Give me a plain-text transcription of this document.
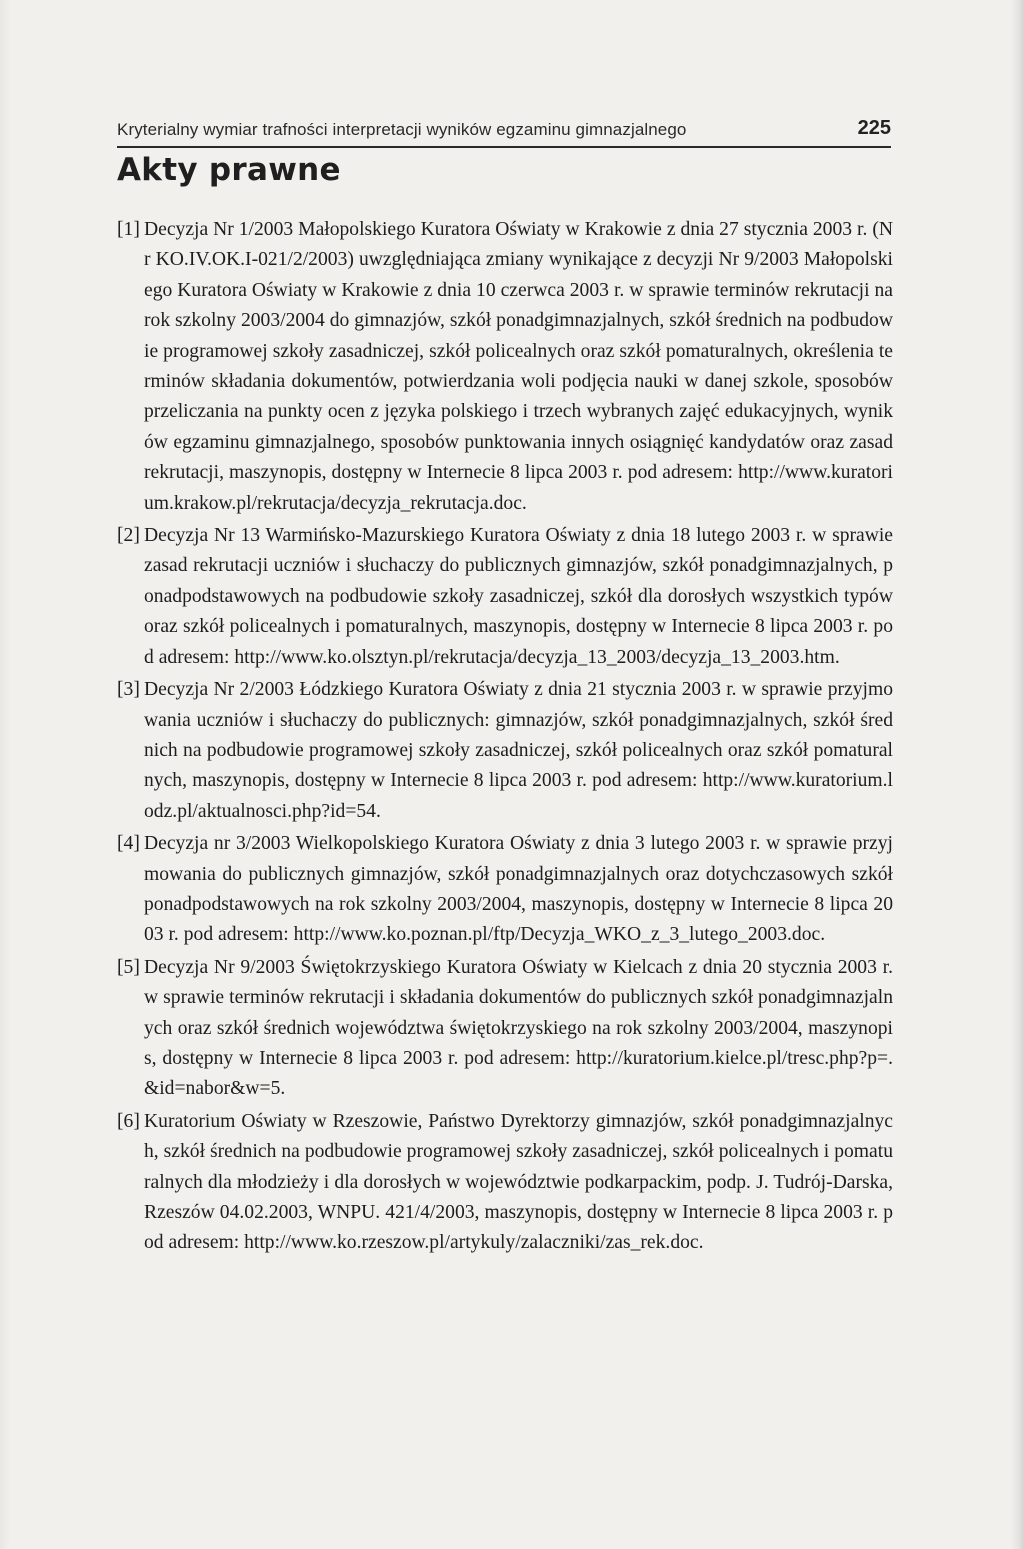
Kryterialny wymiar trafności interpretacji wyników egzaminu gimnazjalnego	225
Akty prawne
[1] Decyzja Nr 1/2003 Małopolskiego Kuratora Oświaty w Krakowie z dnia 27 stycznia 2003 r. (Nr KO.IV.OK.I-021/2/2003) uwzględniająca zmiany wynikające z decyzji Nr 9/2003 Małopolskiego Kuratora Oświaty w Krakowie z dnia 10 czerwca 2003 r. w sprawie terminów rekrutacji na rok szkolny 2003/2004 do gimnazjów, szkół ponadgimnazjalnych, szkół średnich na podbudowie programowej szkoły zasadniczej, szkół policealnych oraz szkół pomaturalnych, określenia terminów składania dokumentów, potwierdzania woli podjęcia nauki w danej szkole, sposobów przeliczania na punkty ocen z języka polskiego i trzech wybranych zajęć edukacyjnych, wyników egzaminu gimnazjalnego, sposobów punktowania innych osiągnięć kandydatów oraz zasad rekrutacji, maszynopis, dostępny w Internecie 8 lipca 2003 r. pod adresem: http://www.kuratorium.krakow.pl/rekrutacja/decyzja_rekrutacja.doc.
[2] Decyzja Nr 13 Warmińsko-Mazurskiego Kuratora Oświaty z dnia 18 lutego 2003 r. w sprawie zasad rekrutacji uczniów i słuchaczy do publicznych gimnazjów, szkół ponadgimnazjalnych, ponadpodstawowych na podbudowie szkoły zasadniczej, szkół dla dorosłych wszystkich typów oraz szkół policealnych i pomaturalnych, maszynopis, dostępny w Internecie 8 lipca 2003 r. pod adresem: http://www.ko.olsztyn.pl/rekrutacja/decyzja_13_2003/decyzja_13_2003.htm.
[3] Decyzja Nr 2/2003 Łódzkiego Kuratora Oświaty z dnia 21 stycznia 2003 r. w sprawie przyjmowania uczniów i słuchaczy do publicznych: gimnazjów, szkół ponadgimnazjalnych, szkół średnich na podbudowie programowej szkoły zasadniczej, szkół policealnych oraz szkół pomaturalnych, maszynopis, dostępny w Internecie 8 lipca 2003 r. pod adresem: http://www.kuratorium.lodz.pl/aktualnosci.php?id=54.
[4] Decyzja nr 3/2003 Wielkopolskiego Kuratora Oświaty z dnia 3 lutego 2003 r. w sprawie przyjmowania do publicznych gimnazjów, szkół ponadgimnazjalnych oraz dotychczasowych szkół ponadpodstawowych na rok szkolny 2003/2004, maszynopis, dostępny w Internecie 8 lipca 2003 r. pod adresem: http://www.ko.poznan.pl/ftp/Decyzja_WKO_z_3_lutego_2003.doc.
[5] Decyzja Nr 9/2003 Świętokrzyskiego Kuratora Oświaty w Kielcach z dnia 20 stycznia 2003 r. w sprawie terminów rekrutacji i składania dokumentów do publicznych szkół ponadgimnazjalnych oraz szkół średnich województwa świętokrzyskiego na rok szkolny 2003/2004, maszynopis, dostępny w Internecie 8 lipca 2003 r. pod adresem: http://kuratorium.kielce.pl/tresc.php?p=.&id=nabor&w=5.
[6] Kuratorium Oświaty w Rzeszowie, Państwo Dyrektorzy gimnazjów, szkół ponadgimnazjalnych, szkół średnich na podbudowie programowej szkoły zasadniczej, szkół policealnych i pomaturalnych dla młodzieży i dla dorosłych w województwie podkarpackim, podp. J. Tudrój-Darska, Rzeszów 04.02.2003, WNPU. 421/4/2003, maszynopis, dostępny w Internecie 8 lipca 2003 r. pod adresem: http://www.ko.rzeszow.pl/artykuly/zalaczniki/zas_rek.doc.
